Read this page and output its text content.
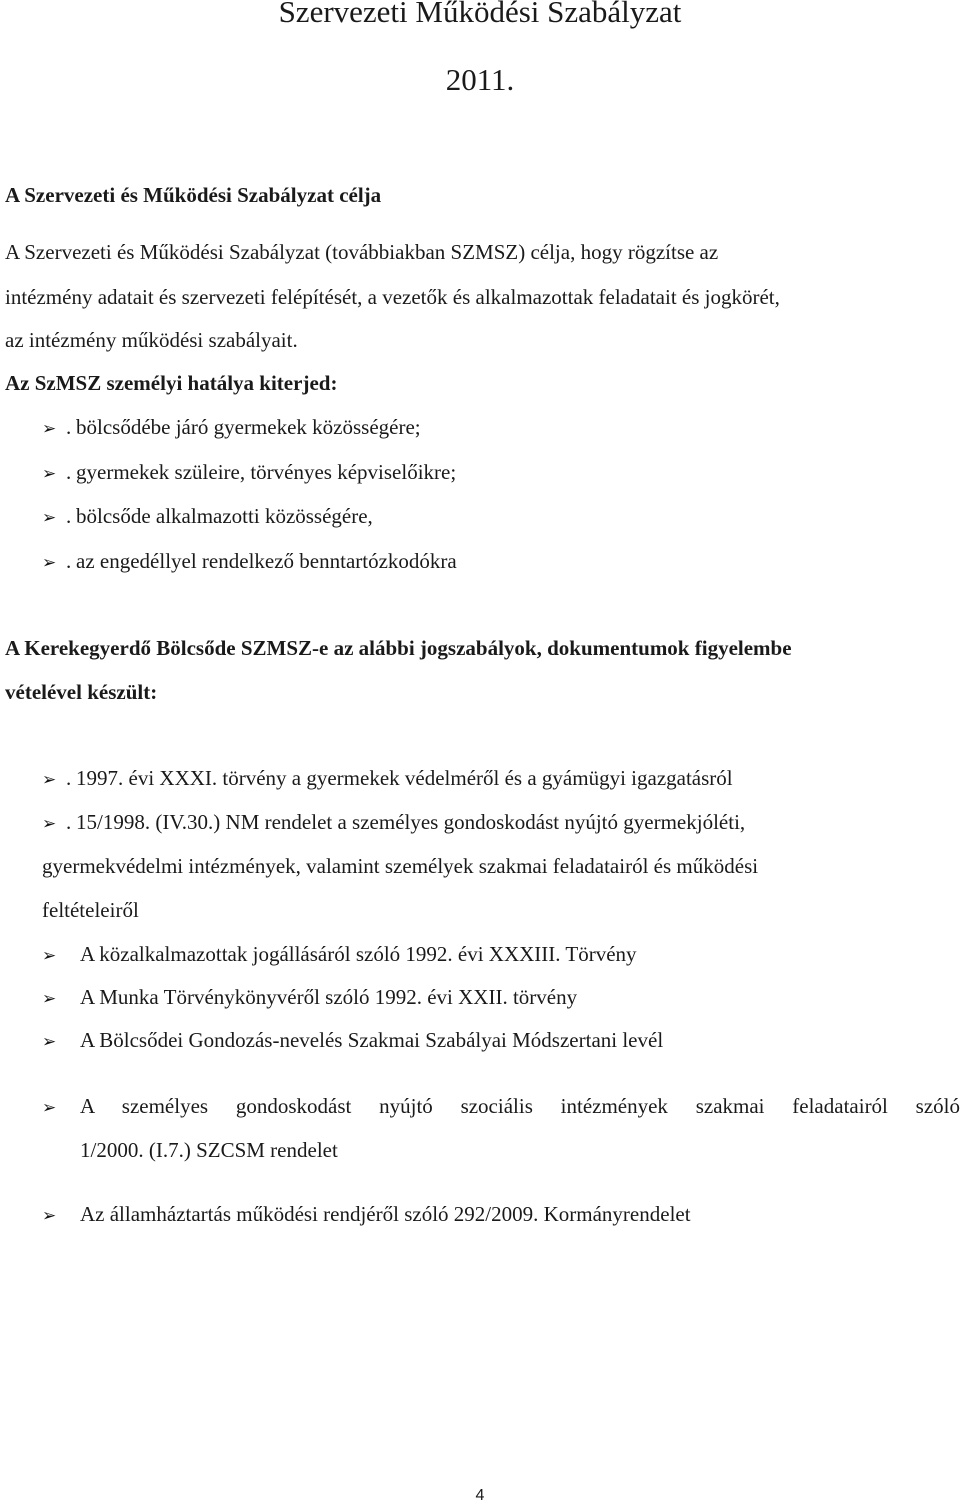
Szervezeti Működési Szabályzat
2011.
A Szervezeti és Működési Szabályzat célja
A Szervezeti és Működési Szabályzat (továbbiakban SZMSZ) célja, hogy rögzítse az
intézmény adatait és szervezeti felépítését, a vezetők és alkalmazottak feladatait és jogkörét,
az intézmény működési szabályait.
Az SzMSZ személyi hatálya kiterjed:
➢ . bölcsődébe járó gyermekek közösségére;
➢ . gyermekek szüleire, törvényes képviselőikre;
➢ . bölcsőde alkalmazotti közösségére,
➢ . az engedéllyel rendelkező benntartózkodókra
A Kerekegyerdő Bölcsőde SZMSZ-e az alábbi jogszabályok, dokumentumok figyelembe
vételével készült:
➢ . 1997. évi XXXI. törvény a gyermekek védelméről és a gyámügyi igazgatásról
➢ . 15/1998. (IV.30.) NM rendelet a személyes gondoskodást nyújtó gyermekjóléti,
gyermekvédelmi intézmények, valamint személyek szakmai feladatairól és működési
feltételeiről
➢ A közalkalmazottak jogállásáról szóló 1992. évi XXXIII. Törvény
➢ A Munka Törvénykönyvéről szóló 1992. évi XXII. törvény
➢ A Bölcsődei Gondozás-nevelés Szakmai Szabályai Módszertani levél
➢	A személyes gondoskodást nyújtó szociális intézmények szakmai feladatairól szóló
1/2000. (I.7.) SZCSM rendelet
➢ Az államháztartás működési rendjéről szóló 292/2009. Kormányrendelet
4
